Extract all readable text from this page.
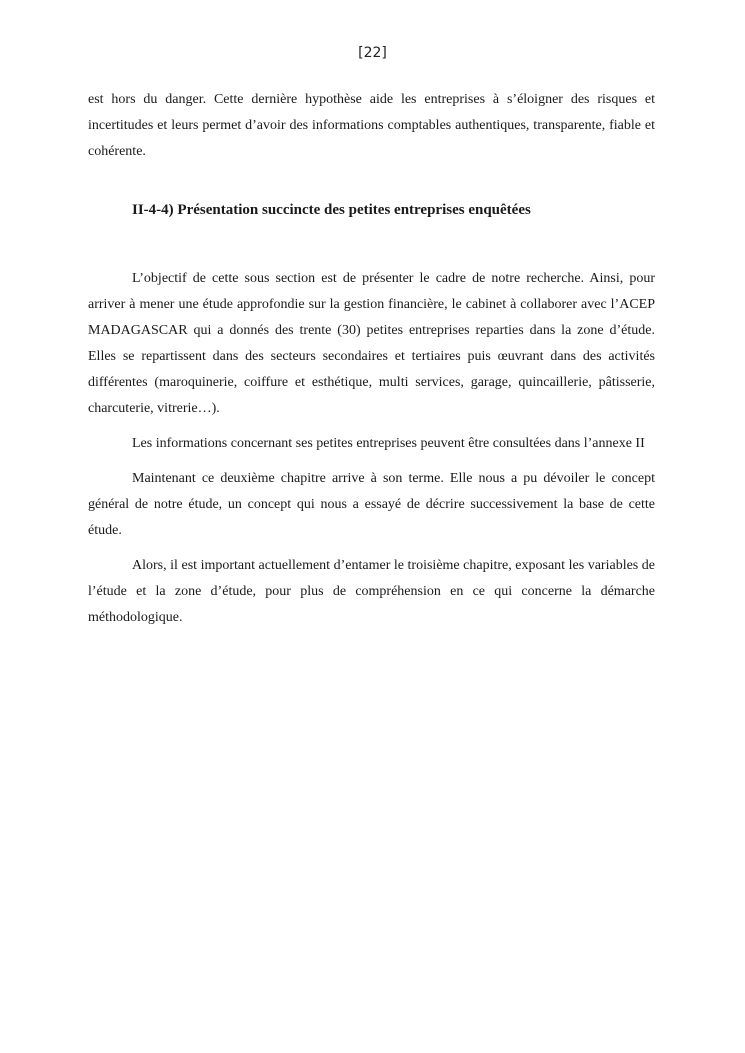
[22]

est hors du danger. Cette dernière hypothèse aide les entreprises à s’éloigner des risques et incertitudes et leurs permet d’avoir des informations comptables authentiques, transparente, fiable et cohérente.

II-4-4) Présentation succincte des petites entreprises enquêtées

L’objectif de cette sous section est de présenter le cadre de notre recherche. Ainsi, pour arriver à mener une étude approfondie sur la gestion financière, le cabinet à collaborer avec l’ACEP MADAGASCAR qui a donnés des trente (30) petites entreprises reparties dans la zone d’étude. Elles se repartissent dans des secteurs secondaires et tertiaires puis œuvrant dans des activités différentes (maroquinerie, coiffure et esthétique, multi services, garage, quincaillerie, pâtisserie, charcuterie, vitrerie…).

Les informations concernant ses petites entreprises peuvent être consultées dans l’annexe II

Maintenant ce deuxième chapitre arrive à son terme. Elle nous a pu dévoiler le concept général de notre étude, un concept qui nous a essayé de décrire successivement la base de cette étude.

Alors, il est important actuellement d’entamer le troisième chapitre, exposant les variables de l’étude et la zone d’étude, pour plus de compréhension en ce qui concerne la démarche méthodologique.
